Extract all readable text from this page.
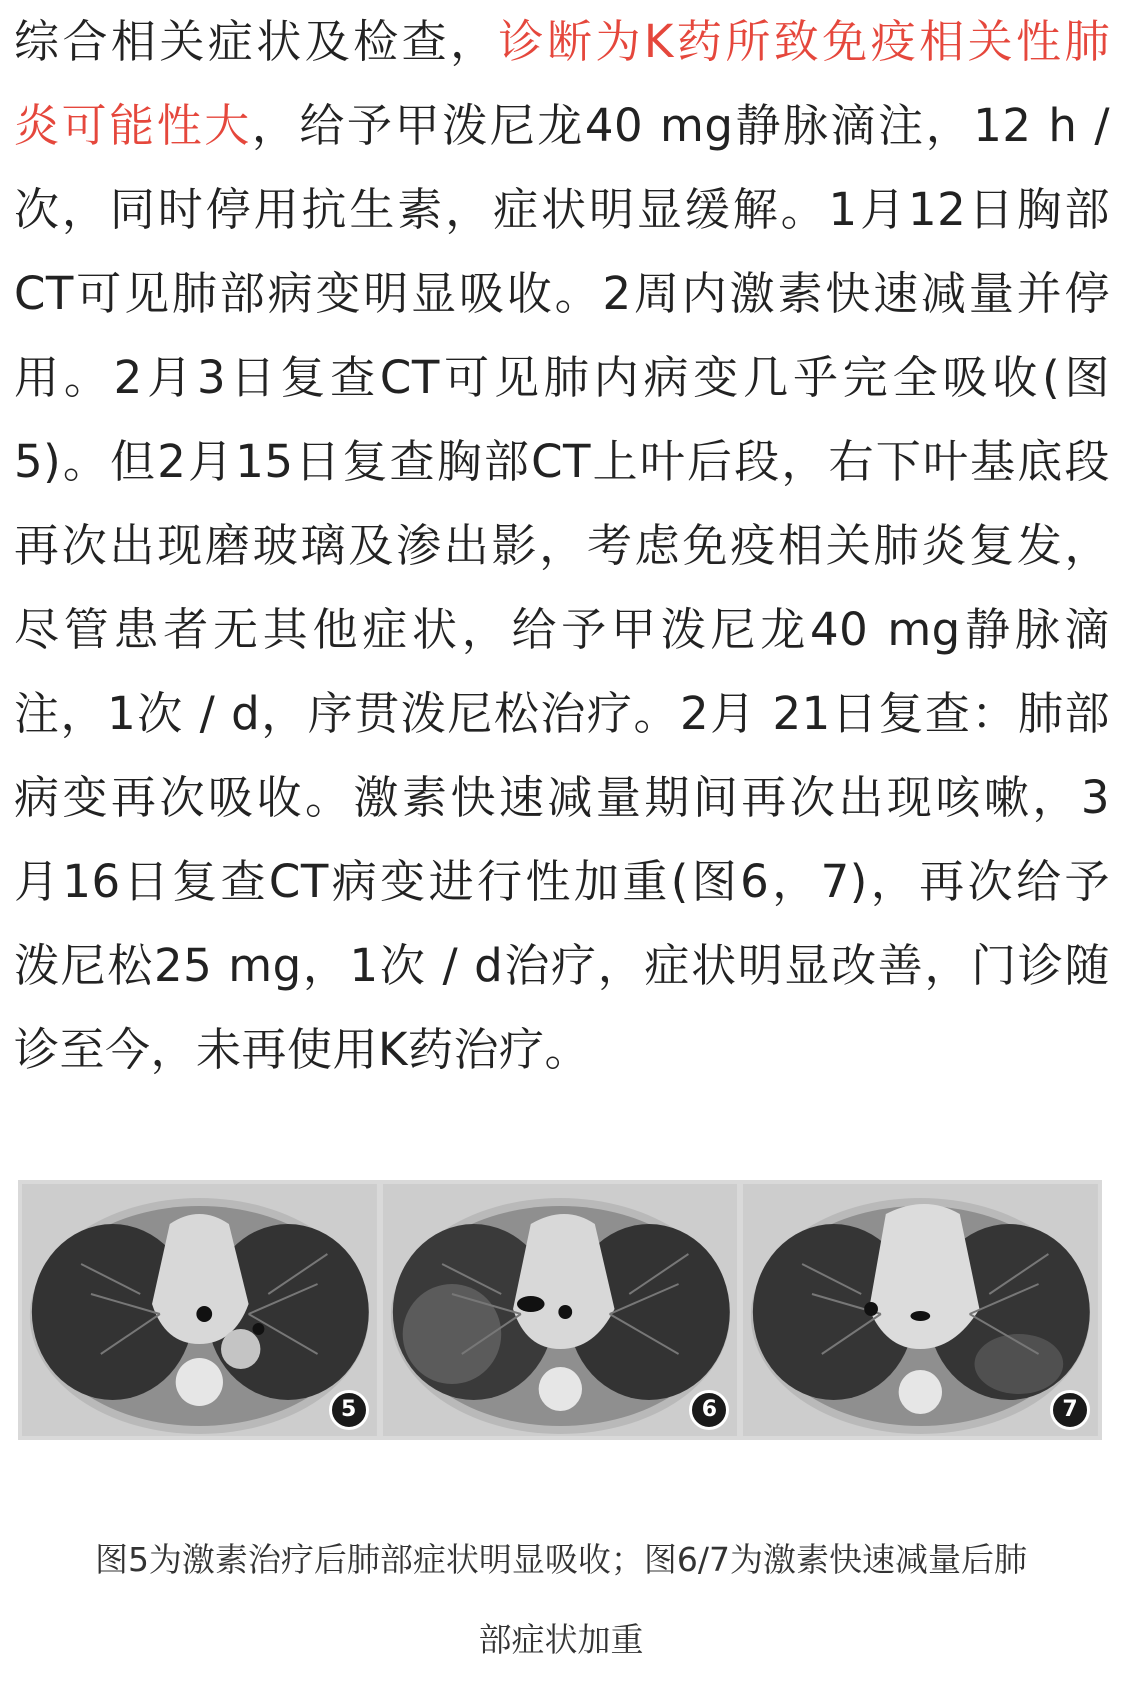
综合相关症状及检查，诊断为K药所致免疫相关性肺
炎可能性大，给予甲泼尼龙40 mg静脉滴注，12 h /
次，同时停用抗生素，症状明显缓解。1月12日胸部
CT可见肺部病变明显吸收。2周内激素快速减量并停
用。2月3日复查CT可见肺内病变几乎完全吸收(图
5)。但2月15日复查胸部CT上叶后段，右下叶基底段
再次出现磨玻璃及渗出影，考虑免疫相关肺炎复发，
尽管患者无其他症状，给予甲泼尼龙40 mg静脉滴
注，1次 / d，序贯泼尼松治疗。2月 21日复查：肺部
病变再次吸收。激素快速减量期间再次出现咳嗽，3
月16日复查CT病变进行性加重(图6，7)，再次给予
泼尼松25 mg，1次 / d治疗，症状明显改善，门诊随
诊至今，未再使用K药治疗。
5	6	7
图5为激素治疗后肺部症状明显吸收；图6/7为激素快速减量后肺
部症状加重
